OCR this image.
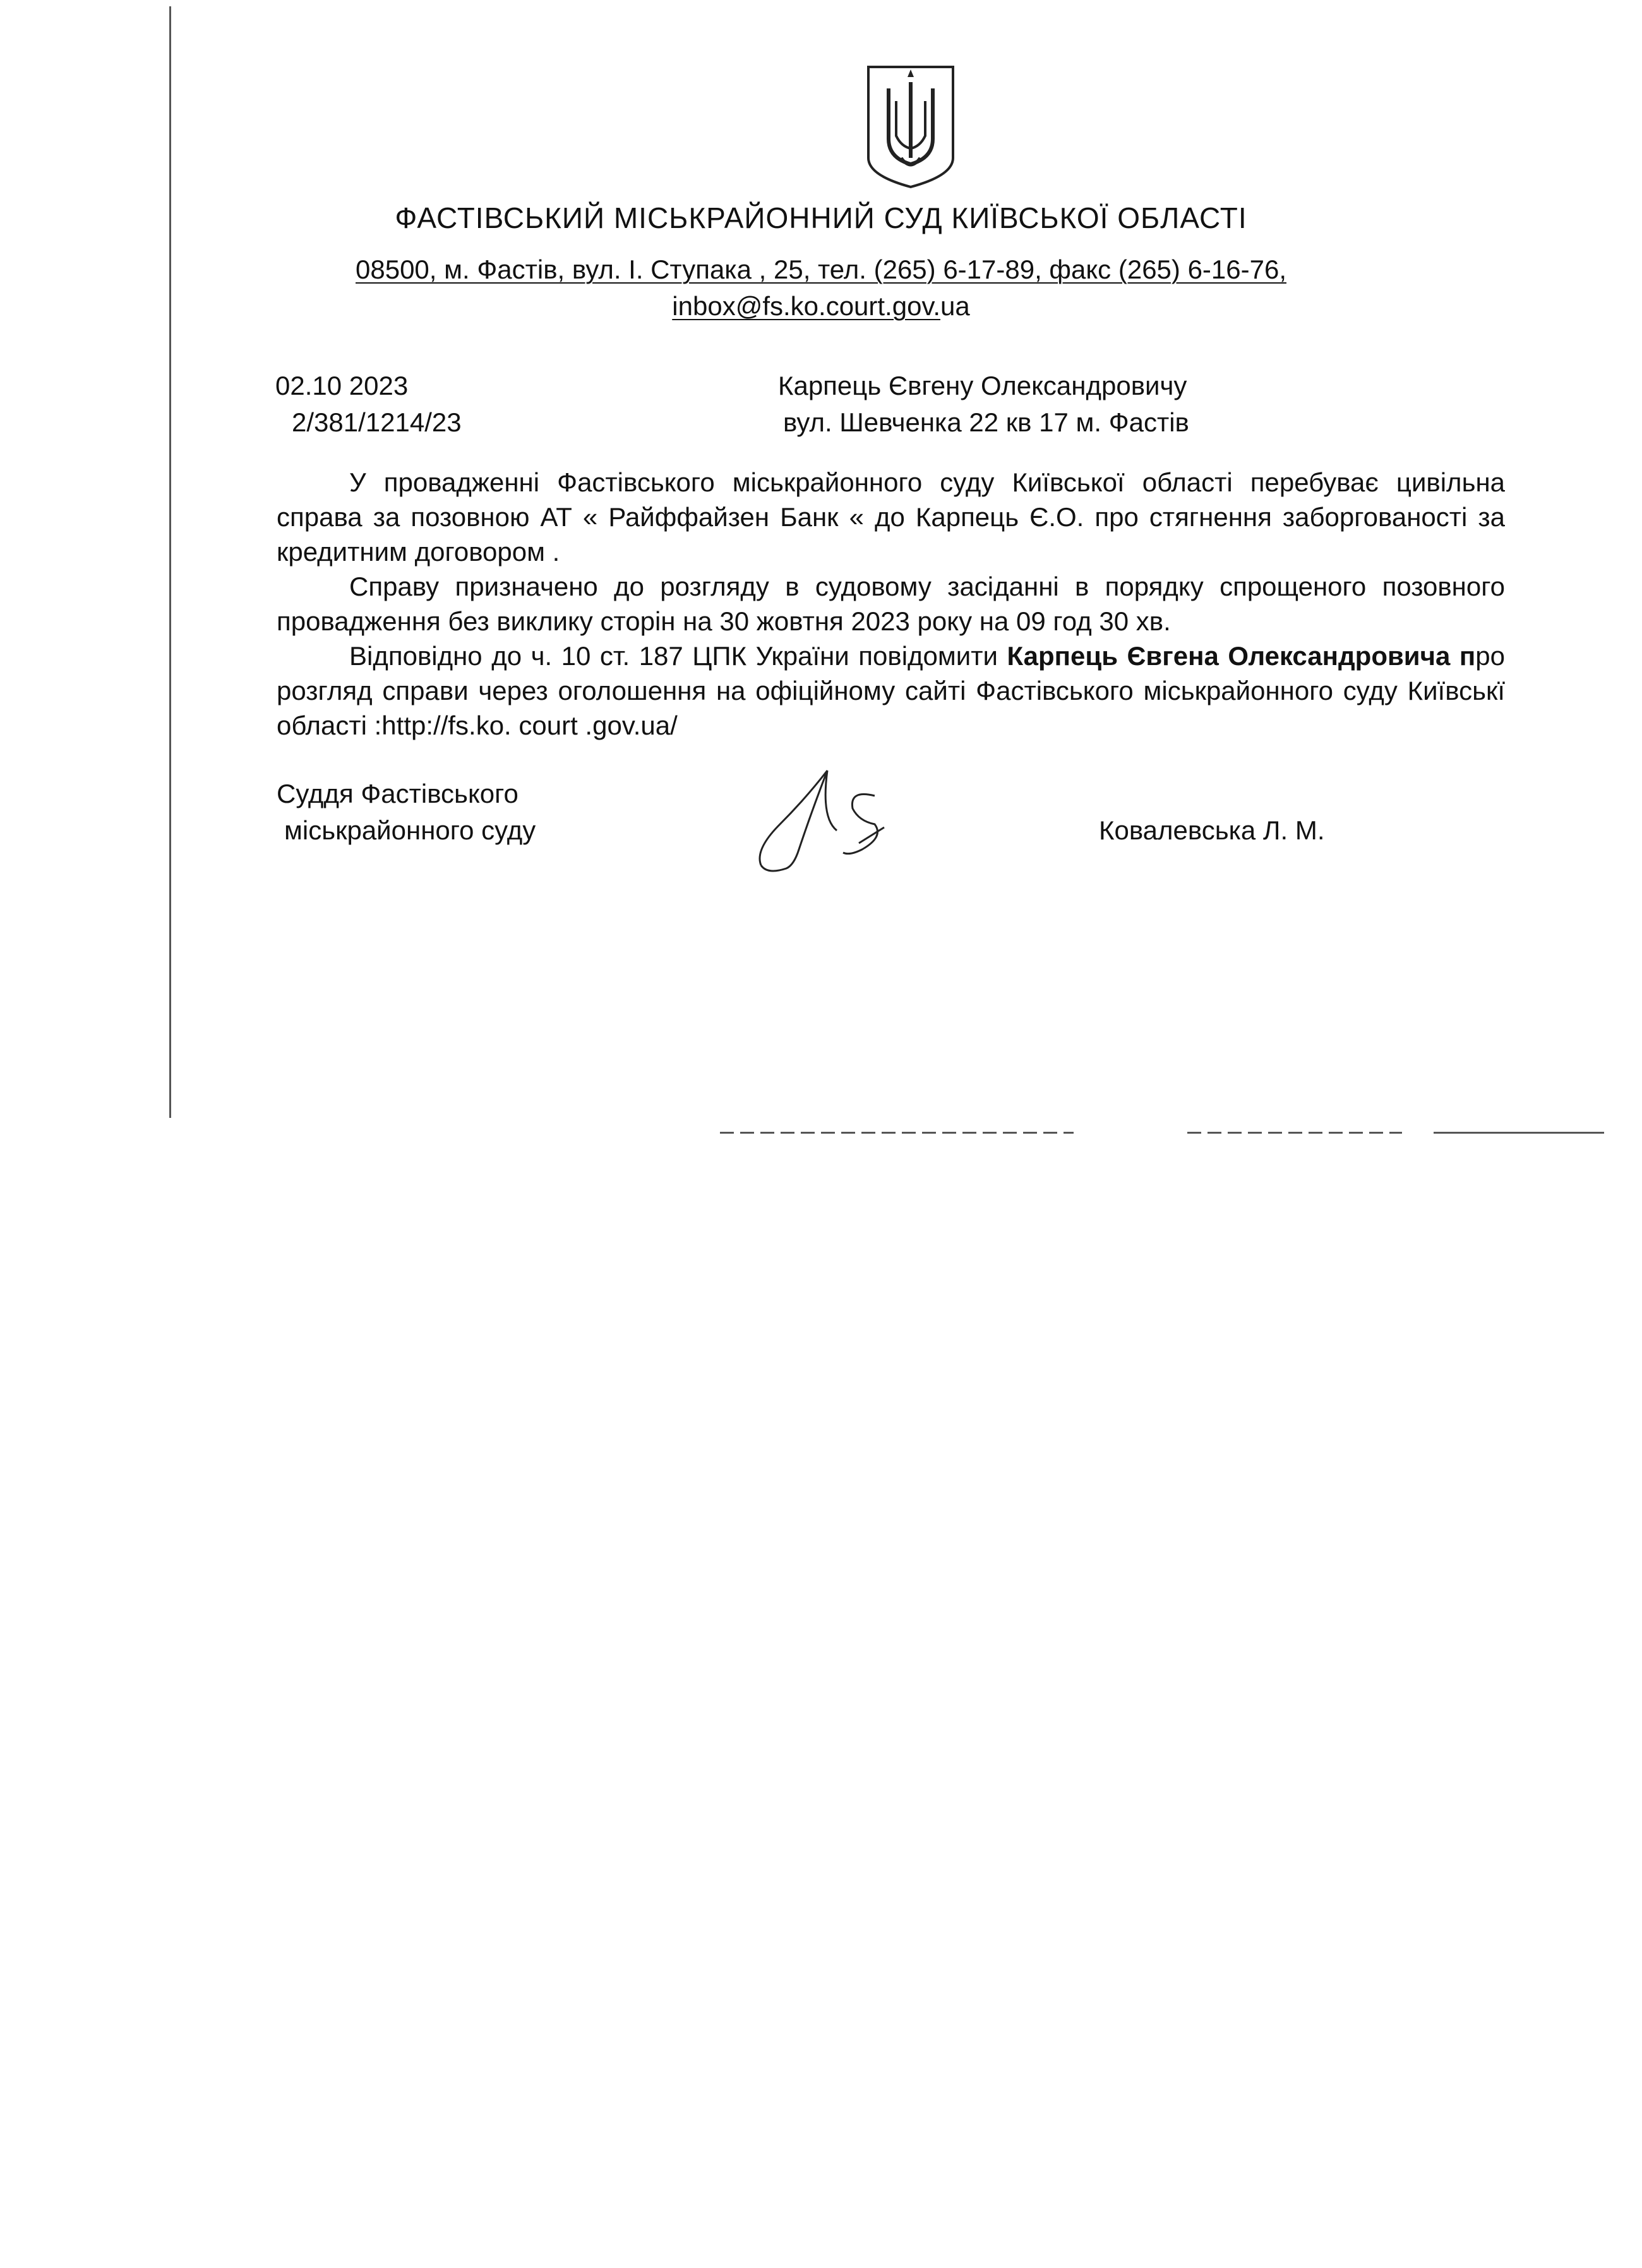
ФАСТІВСЬКИЙ МІСЬКРАЙОННИЙ СУД КИЇВСЬКОЇ ОБЛАСТІ
08500, м. Фастів, вул. І. Ступака , 25, тел. (265) 6-17-89, факс (265) 6-16-76,
inbox@fs.ko.court.gov.ua
02.10 2023
2/381/1214/23
Карпець Євгену Олександровичу
вул. Шевченка 22 кв 17 м. Фастів

У провадженні Фастівського міськрайонного суду Київської області перебуває цивільна справа за позовною АТ « Райффайзен Банк « до Карпець Є.О. про стягнення заборгованості за кредитним договором .

Справу призначено до розгляду в судовому засіданні в порядку спрощеного позовного провадження без виклику сторін на 30 жовтня 2023 року на 09 год 30 хв.

Відповідно до ч. 10 ст. 187 ЦПК України повідомити Карпець Євгена Олександровича про розгляд справи через оголошення на офіційному сайті Фастівського міськрайонного суду Київськї області :http://fs.ko. court .gov.ua/

Суддя Фастівського
міськрайонного суду	Ковалевська Л. М.
